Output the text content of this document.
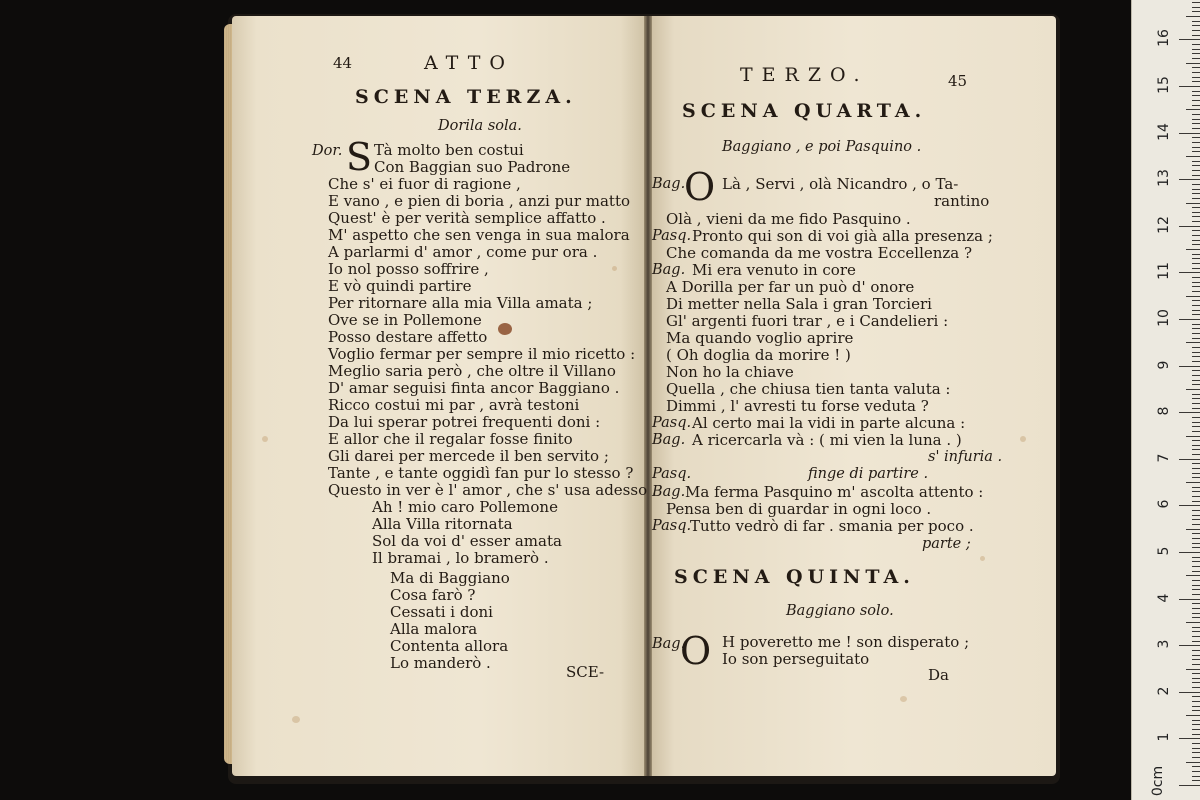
44	ATTO
SCENA TERZA.
Dorila sola.
Dor. S Tà molto ben costui
Con Baggian suo Padrone
Che s' ei fuor di ragione ,
E vano , e pien di boria , anzi pur matto
Quest' è per verità semplice affatto .
M' aspetto che sen venga in sua malora
A parlarmi d' amor , come pur ora .
Io nol posso soffrire ,
E vò quindi partire
Per ritornare alla mia Villa amata ;
Ove se in Pollemone
Posso destare affetto
Voglio fermar per sempre il mio ricetto :
Meglio saria però , che oltre il Villano
D' amar seguisi finta ancor Baggiano .
Ricco costui mi par , avrà testoni
Da lui sperar potrei frequenti doni :
E allor che il regalar fosse finito
Gli darei per mercede il ben servito ;
Tante , e tante oggidì fan pur lo stesso ?
Questo in ver è l' amor , che s' usa adesso .
Ah ! mio caro Pollemone
Alla Villa ritornata
Sol da voi d' esser amata
Il bramai , lo bramerò .
Ma di Baggiano
Cosa farò ?
Cessati i doni
Alla malora
Contenta allora
Lo manderò .	SCE-
TERZO.	45
SCENA QUARTA.
Baggiano , e poi Pasquino .
O
Bag. Là , Servi , olà Nicandro , o Ta-
rantino
Olà , vieni da me fido Pasquino .
Pasq. Pronto qui son di voi già alla presenza ;
Che comanda da me vostra Eccellenza ?
Bag. Mi era venuto in core
A Dorilla per far un può d' onore
Di metter nella Sala i gran Torcieri
Gl' argenti fuori trar , e i Candelieri :
Ma quando voglio aprire
( Oh doglia da morire ! )
Non ho la chiave
Quella , che chiusa tien tanta valuta :
Dimmi , l' avresti tu forse veduta ?
Pasq. Al certo mai la vidi in parte alcuna :
Bag. A ricercarla và : ( mi vien la luna . )
s' infuria .
Pasq.	finge di partire .
Bag. Ma ferma Pasquino m' ascolta attento :
Pensa ben di guardar in ogni loco .
Pasq.
Tutto vedrò di far . smania per poco .
parte ;
SCENA QUINTA.
Baggiano solo.
Bag.
O H poveretto me ! son disperato ;
Io son perseguitato
Da
0cm
1
2
3
4
5
6
7
8
9
10
11
12
13
14
15
16
